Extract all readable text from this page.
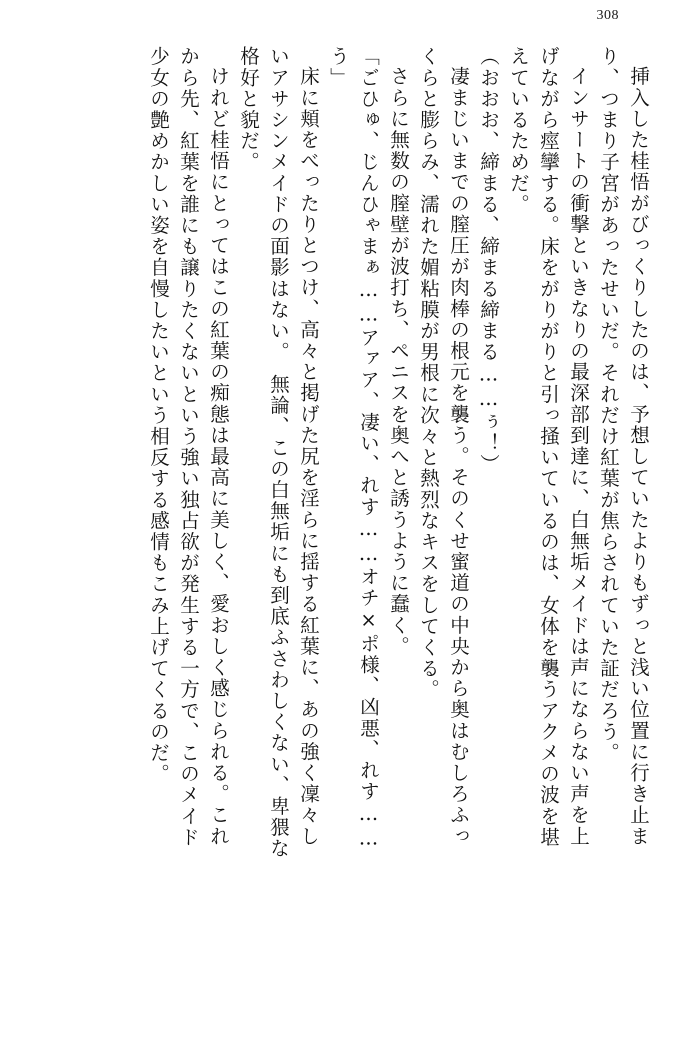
308
挿入した桂悟がびっくりしたのは、予想していたよりもずっと浅い位置に行き止ま
り、つまり子宮があったせいだ。それだけ紅葉が焦らされていた証だろう。
インサートの衝撃といきなりの最深部到達に、白無垢メイドは声にならない声を上
げながら痙攣する。床をがりがりと引っ掻いているのは、女体を襲うアクメの波を堪
えているためだ。
（おおお、締まる、締まる締まる……ぅ！）
凄まじいまでの膣圧が肉棒の根元を襲う。そのくせ蜜道の中央から奥はむしろふっ
くらと膨らみ、濡れた媚粘膜が男根に次々と熱烈なキスをしてくる。
さらに無数の膣壁が波打ち、ペニスを奥へと誘うように蠢く。
「ごひゅ、じんひゃまぁ……アァア、凄い、れす……オチ×ポ様、凶悪、れす……
う」
床に頬をべったりとつけ、高々と掲げた尻を淫らに揺する紅葉に、あの強く凜々し
いアサシンメイドの面影はない。　無論、この白無垢にも到底ふさわしくない、卑猥な
格好と貌だ。
けれど桂悟にとってはこの紅葉の痴態は最高に美しく、愛おしく感じられる。これ
から先、紅葉を誰にも譲りたくないという強い独占欲が発生する一方で、このメイド
少女の艶めかしい姿を自慢したいという相反する感情もこみ上げてくるのだ。
